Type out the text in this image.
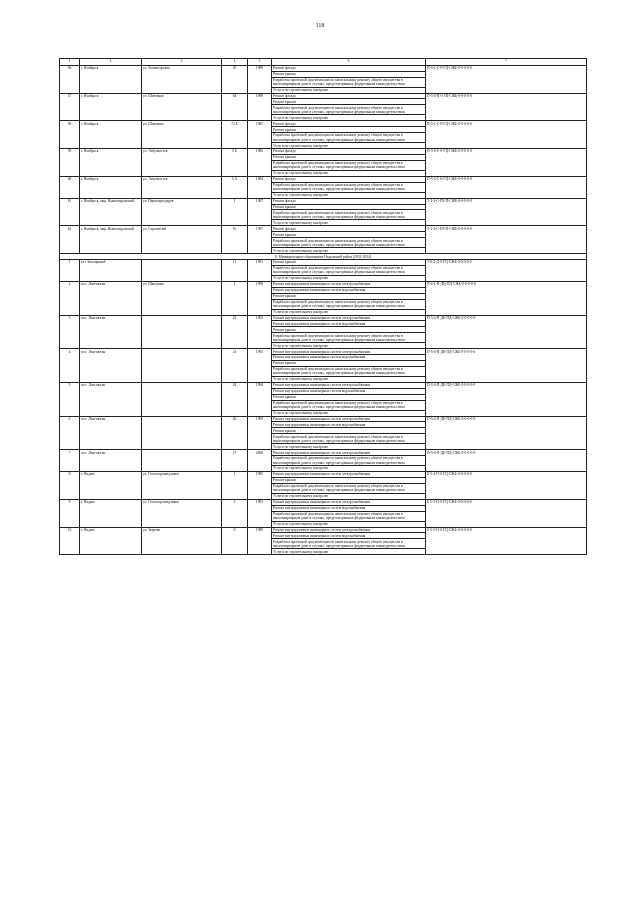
118
1	2	3	4	5	6	7
56	г. Ноябрьск	ул. Холмогорская	45	1989	Ремонт фасада	П-3-1-С-0-ГЦ-СЖБ-0-0-0-0-0
					Ремонт крыши	
					Разработка проектной документации по капитальному ремонту общего имущества в многоквартирном доме в случаях, предусмотренных федеральным законодательством	
					Услуги по строительному контролю	
57	г. Ноябрьск	ул. Шевченко	64	1989	Ремонт фасада	П-3-4-П-0-ГЦ-СЖБ-0-0-0-0-0
					Ремонт крыши	
					Разработка проектной документации по капитальному ремонту общего имущества в многоквартирном доме в случаях, предусмотренных федеральным законодательством	
					Услуги по строительному контролю	
58	г. Ноябрьск	ул. Шевченко	72 Б	1985	Ремонт фасада	П-3-1-С-0-ГЦ-СЖБ-0-0-0-0-0
					Ремонт крыши	
					Разработка проектной документации по капитальному ремонту общего имущества в многоквартирном доме в случаях, предусмотренных федеральным законодательством	
					Услуги по строительному контролю	
59	г. Ноябрьск	ул. Энтузиастов	5 Б	1982	Ремонт фасада	П-3-0-С-0-ГЦ-СЖБ-0-0-0-0-0
					Ремонт крыши	
					Разработка проектной документации по капитальному ремонту общего имущества в многоквартирном доме в случаях, предусмотренных федеральным законодательством	
					Услуги по строительному контролю	
60	г. Ноябрьск	ул. Энтузиастов	5 А	1984	Ремонт фасада	П-3-3-С-0-ГЦ-СЖБ-0-0-0-0-0
					Разработка проектной документации по капитальному ремонту общего имущества в многоквартирном доме в случаях, предусмотренных федеральным законодательством	
					Услуги по строительному контролю	
61	г. Ноябрьск, мкр. Вынгапуровский	ул. Первопроходцев	1	1987	Ремонт фасада	Т-2-3-С-ПЗ-П-СЖБ-0-0-0-0-0
					Ремонт крыши	
					Разработка проектной документации по капитальному ремонту общего имущества в многоквартирном доме в случаях, предусмотренных федеральным законодательством	
					Услуги по строительному контролю	
62	г. Ноябрьск, мкр. Вынгапуровский	ул. Строителей	10	1997	Ремонт фасада	Т-2-3-С-ПЗ-П-СЖБ-0-0-0-0-0
					Ремонт крыши	
					Разработка проектной документации по капитальному ремонту общего имущества в многоквартирном доме в случаях, предусмотренных федеральным законодательством	
					Услуги по строительному контролю	
8. Муниципальное образование Надымский район (2032-2034)						
1	пгт Заполярный		11	1981	Ремонт крыши	Т-0-2-Д-0-ГЦ-СЖБ-0-0-0-0-0
					Разработка проектной документации по капитальному ремонту общего имущества в многоквартирном доме в случаях, предусмотренных федеральным законодательством	
					Услуги по строительному контролю	
2	пос. Лонгъюган	ул. Школьная	1	1998	Ремонт внутридомовых инженерных систем электроснабжения	П-4-1-П-ДЦ-ПД-СЖБ-0-0-0-0-0
					Ремонт внутридомовых инженерных систем водоснабжения	
					Ремонт крыши	
					Разработка проектной документации по капитальному ремонту общего имущества в многоквартирном доме в случаях, предусмотренных федеральным законодательством	
					Услуги по строительному контролю	
3	пос. Лонгъюган		22	1992	Ремонт внутридомовых инженерных систем электроснабжения	П-3-4-П-ДЕ-ПД-СЖБ-0-0-0-0-0
					Ремонт внутридомовых инженерных систем водоснабжения	
					Ремонт крыши	
					Разработка проектной документации по капитальному ремонту общего имущества в многоквартирном доме в случаях, предусмотренных федеральным законодательством	
					Услуги по строительному контролю	
4	пос. Лонгъюган		23	1993	Ремонт внутридомовых инженерных систем электроснабжения	П-3-4-П-ДЕ-ПД-СЖБ-0-0-0-0-0
					Ремонт внутридомовых инженерных систем водоснабжения	
					Ремонт крыши	
					Разработка проектной документации по капитальному ремонту общего имущества в многоквартирном доме в случаях, предусмотренных федеральным законодательством	
					Услуги по строительному контролю	
5	пос. Лонгъюган		24	1994	Ремонт внутридомовых инженерных систем электроснабжения	П-3-4-П-ДЕ-ПД-СЖБ-0-0-0-0-0
					Ремонт внутридомовых инженерных систем водоснабжения	
					Ремонт крыши	
					Разработка проектной документации по капитальному ремонту общего имущества в многоквартирном доме в случаях, предусмотренных федеральным законодательством	
					Услуги по строительному контролю	
6	пос. Лонгъюган		26	1995	Ремонт внутридомовых инженерных систем электроснабжения	П-3-4-П-ДЕ-ПД-СЖБ-0-0-0-0-0
					Ремонт внутридомовых инженерных систем водоснабжения	
					Ремонт крыши	
					Разработка проектной документации по капитальному ремонту общего имущества в многоквартирном доме в случаях, предусмотренных федеральным законодательством	
					Услуги по строительному контролю	
7	пос. Лонгъюган		27	2000	Ремонт внутридомовых инженерных систем электроснабжения	П-3-4-П-ДЕ-ПД-СЖБ-0-0-0-0-0
					Разработка проектной документации по капитальному ремонту общего имущества в многоквартирном доме в случаях, предусмотренных федеральным законодательством	
					Услуги по строительному контролю	
8	г. Надым	ул. Геологоразведчиков	1	1985	Ремонт внутридомовых инженерных систем электроснабжения	Б-5-4-П-0-ГЦ-СЖБ-0-0-0-0-0
					Ремонт крыши	
					Разработка проектной документации по капитальному ремонту общего имущества в многоквартирном доме в случаях, предусмотренных федеральным законодательством	
					Услуги по строительному контролю	
9	г. Надым	ул. Геологоразведчиков	2	1983	Ремонт внутридомовых инженерных систем электроснабжения	Б-5-5-П-0-ГЦ-СЖБ-0-0-0-0-0
					Ремонт внутридомовых инженерных систем водоснабжения	
					Разработка проектной документации по капитальному ремонту общего имущества в многоквартирном доме в случаях, предусмотренных федеральным законодательством	
					Услуги по строительному контролю	
10	г. Надым	ул. Зверева	8	1989	Ремонт внутридомовых инженерных систем электроснабжения	Б-5-5-П-0-ГЦ-СЖБ-0-0-0-0-0
					Ремонт внутридомовых инженерных систем водоснабжения	
					Разработка проектной документации по капитальному ремонту общего имущества в многоквартирном доме в случаях, предусмотренных федеральным законодательством	
					Услуги по строительному контролю	
